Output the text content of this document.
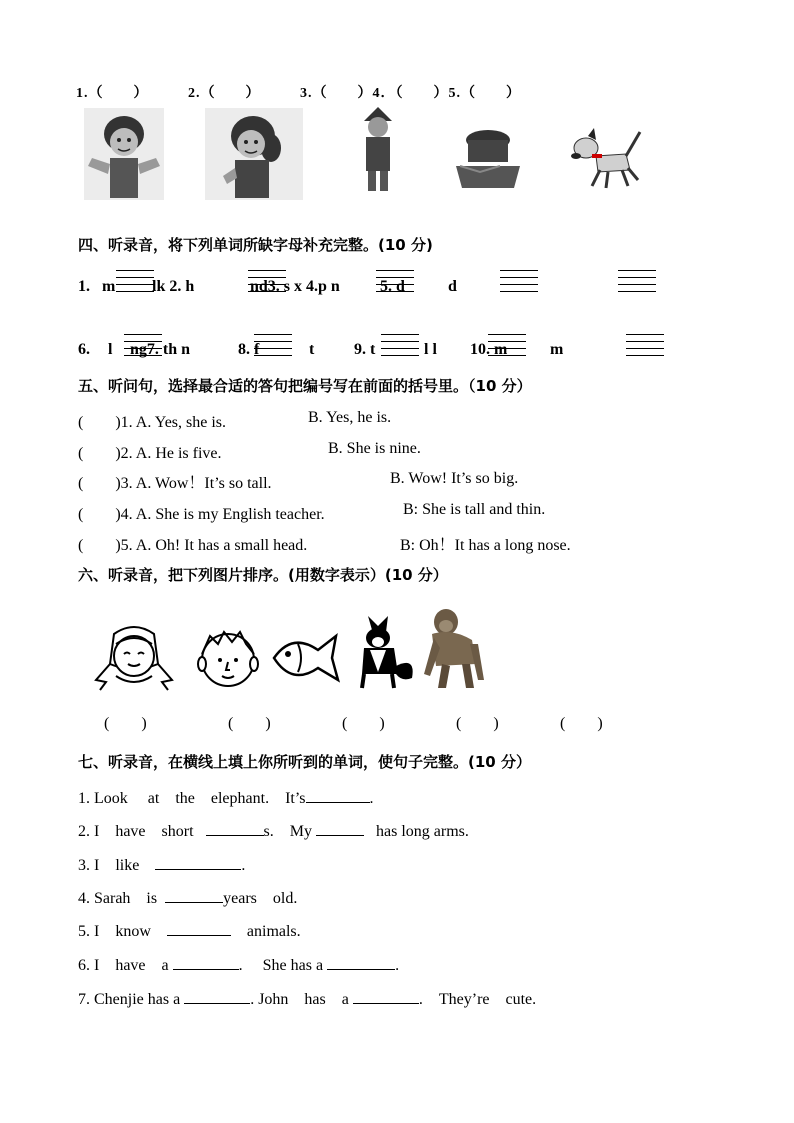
1.（　　）	2.（　　）	3.（　　）4．（　　）5.（　　）
四、听录音，将下列单词所缺字母补充完整。(10 分)
1. m lk 2. h	nd3. s x 4.p n	5. d	d
6. l ng7. th n	8. f	t 9. t	l l 10. m	m
五、听问句，选择最合适的答句把编号写在前面的括号里。（10 分）
(　　)1. A. Yes, she is.	B. Yes, he is.
(　　)2. A. He is five.	B. She is nine.
(　　)3. A. Wow！It’s so tall.	B. Wow! It’s so big.
(　　)4. A. She is my English teacher.	B: She is tall and thin.
(　　)5. A. Oh! It has a small head.	B: Oh！It has a long nose.
六、听录音，把下列图片排序。(用数字表示）(10 分）
(　　)	(　　)	(　　)	(　　)	(　　)
七、听录音，在横线上填上你所听到的单词，使句子完整。(10 分）
1. Look　 at　the　elephant.　It’s	.
2. I　have　short	s.　My	has long arms.
3. I　like	.
4. Sarah　is	years　old.
5. I　know	animals.
6. I　have　a	.　 She has a	.
7. Chenjie has a	. John　has　a	.　They’re　cute.
